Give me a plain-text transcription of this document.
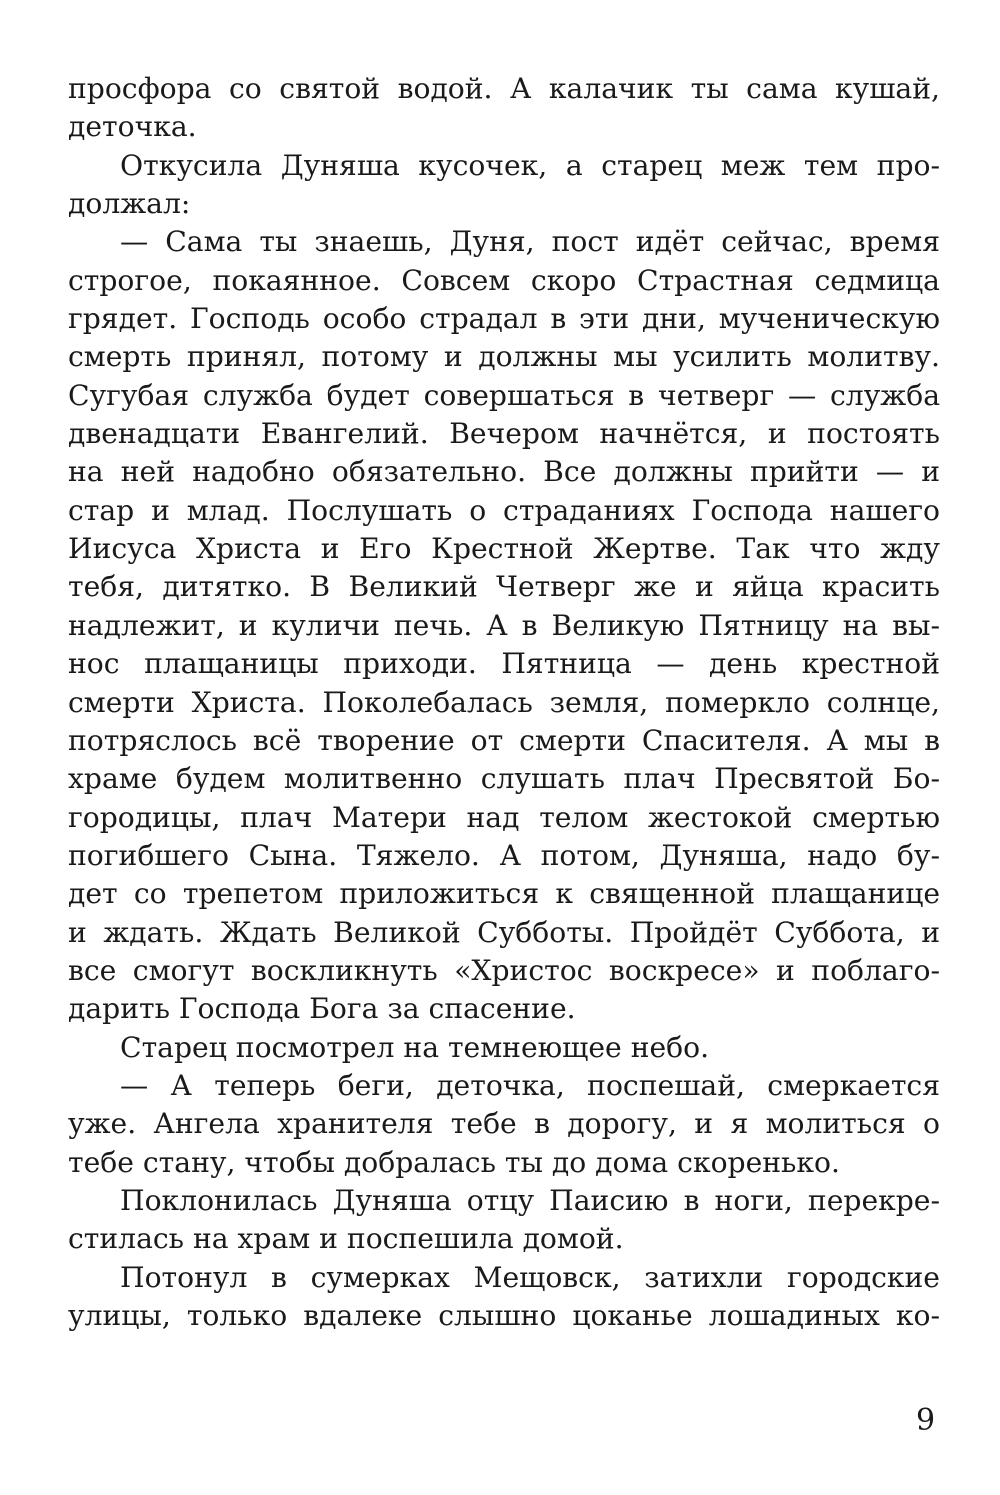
просфора со святой водой. А калачик ты сама кушай,
деточка.
Откусила Дуняша кусочек, а старец меж тем про-
должал:
— Сама ты знаешь, Дуня, пост идёт сейчас, время
строгое, покаянное. Совсем скоро Страстная седмица
грядет. Господь особо страдал в эти дни, мученическую
смерть принял, потому и должны мы усилить молитву.
Сугубая служба будет совершаться в четверг — служба
двенадцати Евангелий. Вечером начнётся, и постоять
на ней надобно обязательно. Все должны прийти — и
стар и млад. Послушать о страданиях Господа нашего
Иисуса Христа и Его Крестной Жертве. Так что жду
тебя, дитятко. В Великий Четверг же и яйца красить
надлежит, и куличи печь. А в Великую Пятницу на вы-
нос плащаницы приходи. Пятница — день крестной
смерти Христа. Поколебалась земля, померкло солнце,
потряслось всё творение от смерти Спасителя. А мы в
храме будем молитвенно слушать плач Пресвятой Бо-
городицы, плач Матери над телом жестокой смертью
погибшего Сына. Тяжело. А потом, Дуняша, надо бу-
дет со трепетом приложиться к священной плащанице
и ждать. Ждать Великой Субботы. Пройдёт Суббота, и
все смогут воскликнуть «Христос воскресе» и поблаго-
дарить Господа Бога за спасение.
Старец посмотрел на темнеющее небо.
— А теперь беги, деточка, поспешай, смеркается
уже. Ангела хранителя тебе в дорогу, и я молиться о
тебе стану, чтобы добралась ты до дома скоренько.
Поклонилась Дуняша отцу Паисию в ноги, перекре-
стилась на храм и поспешила домой.
Потонул в сумерках Мещовск, затихли городские
улицы, только вдалеке слышно цоканье лошадиных ко-
9
